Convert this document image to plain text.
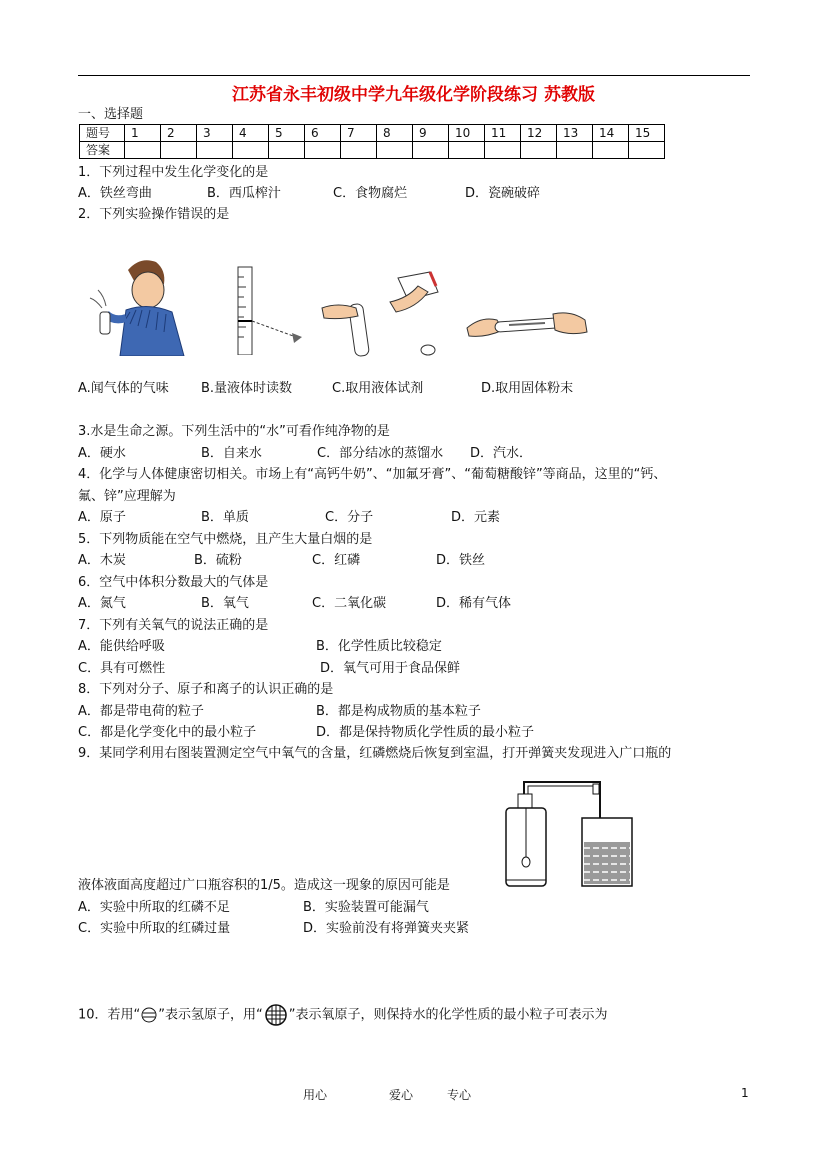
江苏省永丰初级中学九年级化学阶段练习 苏教版
一、选择题
题号	1	2	3	4	5	6	7	8	9	10	11	12	13	14	15
答案															
1．下列过程中发生化学变化的是
A．铁丝弯曲	B．西瓜榨汁	C．食物腐烂	D．瓷碗破碎
2．下列实验操作错误的是
A.闻气体的气味 B.量液体时读数	C.取用液体试剂	D.取用固体粉末
3.水是生命之源。下列生活中的“水”可看作纯净物的是
A．硬水	B．自来水	C．部分结冰的蒸馏水 D．汽水．
4．化学与人体健康密切相关。市场上有“高钙牛奶”、“加氟牙膏”、“葡萄糖酸锌”等商品，这里的“钙、
氟、锌”应理解为
A．原子	B．单质	C．分子	D．元素
5．下列物质能在空气中燃烧，且产生大量白烟的是
A．木炭	B．硫粉	C．红磷	D．铁丝
6．空气中体积分数最大的气体是
A．氮气	B．氧气	C．二氧化碳	D．稀有气体
7．下列有关氧气的说法正确的是
A．能供给呼吸	B．化学性质比较稳定
C．具有可燃性	D．氧气可用于食品保鲜
8．下列对分子、原子和离子的认识正确的是
A．都是带电荷的粒子	B．都是构成物质的基本粒子
C．都是化学变化中的最小粒子	D．都是保持物质化学性质的最小粒子
9．某同学利用右图装置测定空气中氧气的含量，红磷燃烧后恢复到室温，打开弹簧夹发现进入广口瓶的
液体液面高度超过广口瓶容积的1/5。造成这一现象的原因可能是
A．实验中所取的红磷不足	B．实验装置可能漏气
C．实验中所取的红磷过量	D．实验前没有将弹簧夹夹紧
10．若用“ ”表示氢原子，用“ ”表示氧原子，则保持水的化学性质的最小粒子可表示为
用心	爱心	专心	1
